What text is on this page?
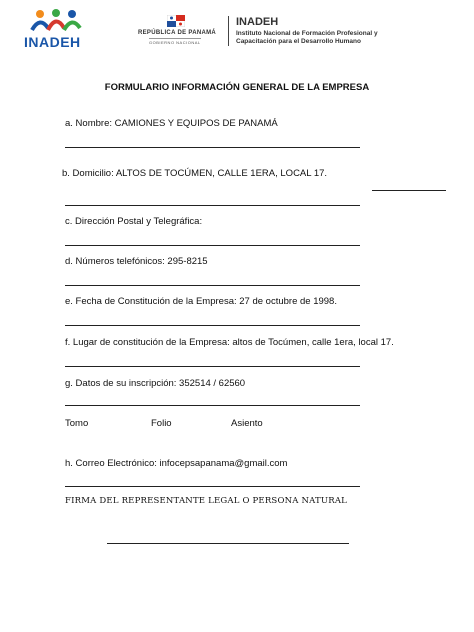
INADEH
REPÚBLICA DE PANAMÁ
GOBIERNO NACIONAL
INADEH
Instituto Nacional de Formación Profesional y
Capacitación para el Desarrollo Humano
FORMULARIO INFORMACIÓN GENERAL DE LA EMPRESA
a. Nombre: CAMIONES Y EQUIPOS DE PANAMÁ
b. Domicilio: ALTOS DE TOCÚMEN, CALLE 1ERA, LOCAL 17.
c. Dirección Postal y Telegráfica:
d. Números telefónicos: 295-8215
e. Fecha de Constitución de la Empresa: 27 de octubre de 1998.
f. Lugar de constitución de la Empresa: altos de Tocúmen, calle 1era, local 17.
g. Datos de su inscripción: 352514 / 62560
Tomo	Folio	Asiento
h. Correo Electrónico: infocepsapanama@gmail.com
FIRMA DEL REPRESENTANTE LEGAL O PERSONA NATURAL
